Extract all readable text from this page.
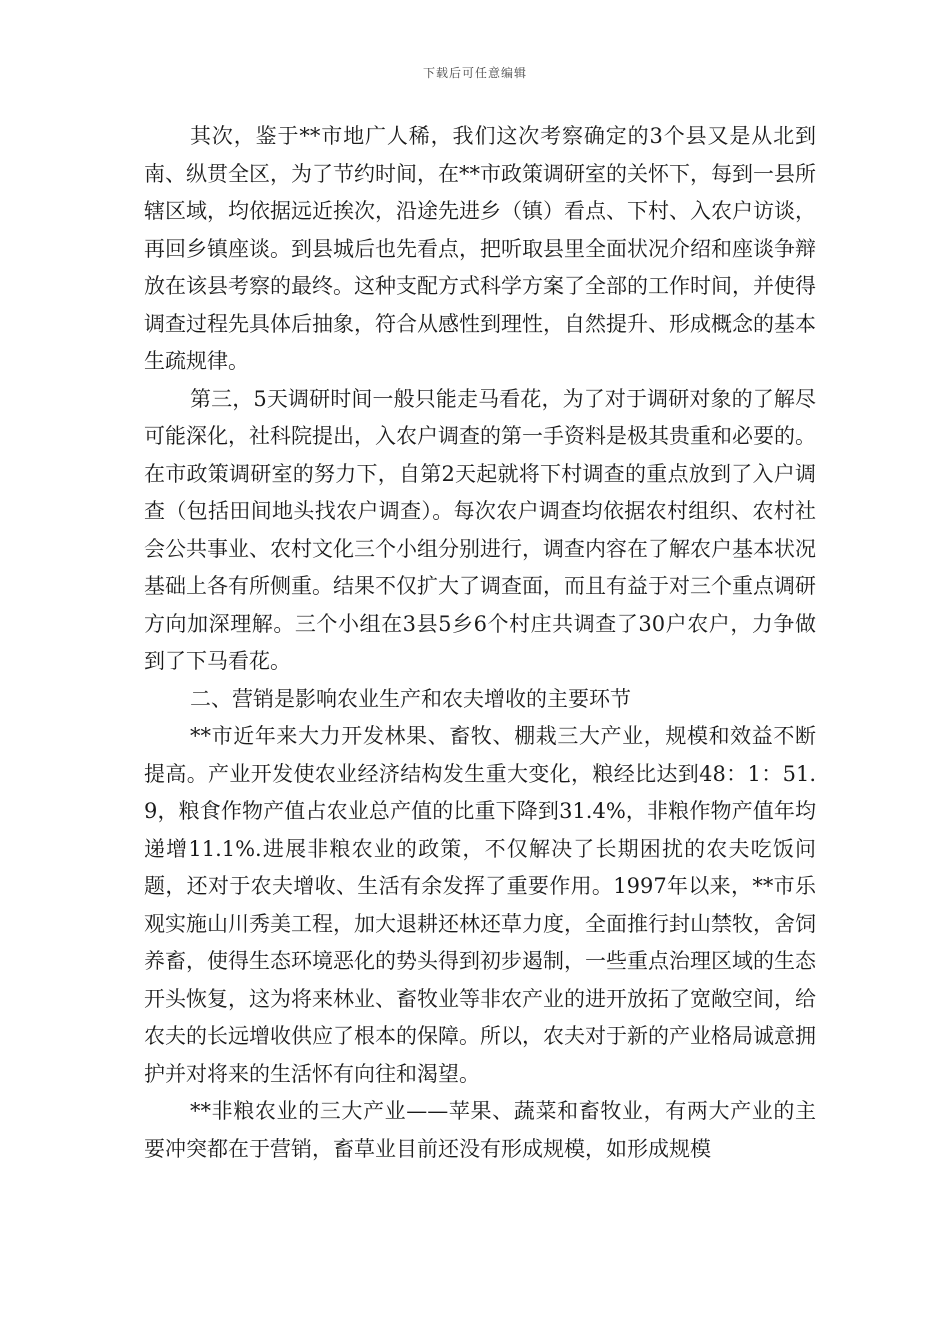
下载后可任意编辑

其次，鉴于**市地广人稀，我们这次考察确定的3个县又是从北到南、纵贯全区，为了节约时间，在**市政策调研室的关怀下，每到一县所辖区域，均依据远近挨次，沿途先进乡（镇）看点、下村、入农户访谈，再回乡镇座谈。到县城后也先看点，把听取县里全面状况介绍和座谈争辩放在该县考察的最终。这种支配方式科学方案了全部的工作时间，并使得调查过程先具体后抽象，符合从感性到理性，自然提升、形成概念的基本生疏规律。

第三，5天调研时间一般只能走马看花，为了对于调研对象的了解尽可能深化，社科院提出，入农户调查的第一手资料是极其贵重和必要的。在市政策调研室的努力下，自第2天起就将下村调查的重点放到了入户调查（包括田间地头找农户调查）。每次农户调查均依据农村组织、农村社会公共事业、农村文化三个小组分别进行，调查内容在了解农户基本状况基础上各有所侧重。结果不仅扩大了调查面，而且有益于对三个重点调研方向加深理解。三个小组在3县5乡6个村庄共调查了30户农户，力争做到了下马看花。

二、营销是影响农业生产和农夫增收的主要环节

**市近年来大力开发林果、畜牧、棚栽三大产业，规模和效益不断提高。产业开发使农业经济结构发生重大变化，粮经比达到48：1：51.9，粮食作物产值占农业总产值的比重下降到31.4%，非粮作物产值年均递增11.1%.进展非粮农业的政策，不仅解决了长期困扰的农夫吃饭问题，还对于农夫增收、生活有余发挥了重要作用。1997年以来，**市乐观实施山川秀美工程，加大退耕还林还草力度，全面推行封山禁牧，舍饲养畜，使得生态环境恶化的势头得到初步遏制，一些重点治理区域的生态开头恢复，这为将来林业、畜牧业等非农产业的进开放拓了宽敞空间，给农夫的长远增收供应了根本的保障。所以，农夫对于新的产业格局诚意拥护并对将来的生活怀有向往和渴望。

**非粮农业的三大产业——苹果、蔬菜和畜牧业，有两大产业的主要冲突都在于营销，畜草业目前还没有形成规模，如形成规模
